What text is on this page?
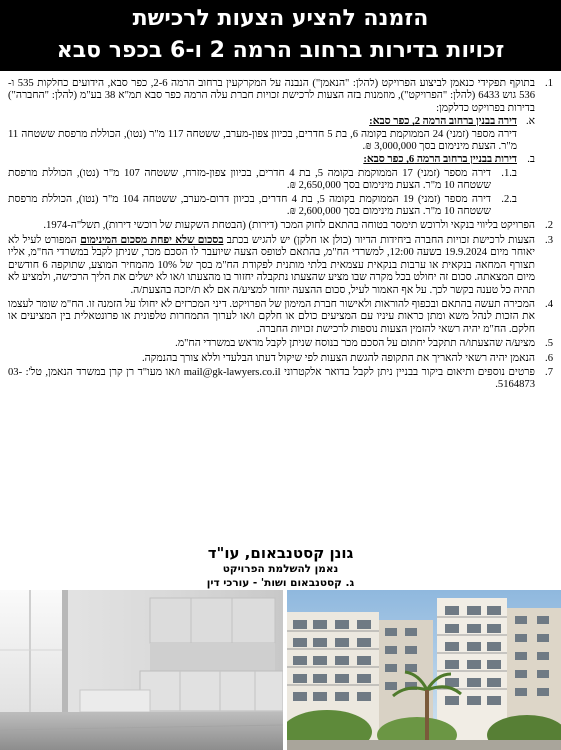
הזמנה להציע הצעות לרכישת
זכויות בדירות ברחוב הרמה 2 ו-6 בכפר סבא
1.
בתוקף תפקידי כנאמן לביצוע הפרויקט (להלן: "הנאמן") הנבנה על המקרקעין ברחוב הרמה 2-6, כפר סבא, הידועים כחלקות 535 ו- 536 גוש 6433 (להלן: "הפרויקט"), מוזמנות בזה הצעות לרכישת זכויות חברת עלה הרמה כפר סבא תמ"א 38 בע"מ (להלן: "החברה") בדירות בפרויקט כדלקמן:
א.
דירה בבנין ברחוב הרמה 2, כפר סבא:
דירה מספר (זמני) 24 הממוקמת בקומה 6, בת 5 חדרים, בכיוון צפון-מערב, ששטחה 117 מ"ר (נטו), הכוללת מרפסת ששטחה 11 מ"ר. הצעת מינימום בסך 3,000,000 ₪.
ב.
דירות בבניין ברחוב הרמה 6, כפר סבא:
ב.1.
דירה מספר (זמני) 17 הממוקמת בקומה 5, בת 4 חדרים, בכיוון צפון-מזרח, ששטחה 107 מ"ר (נטו), הכוללת מרפסת ששטחה 10 מ"ר. הצעת מינימום בסך 2,650,000 ₪.
ב.2.
דירה מספר (זמני) 19 הממוקמת בקומה 5, בת 4 חדרים, בכיוון דרום-מערב, ששטחה 104 מ"ר (נטו), הכוללת מרפסת ששטחה 10 מ"ר. הצעת מינימום בסך 2,600,000 ₪.
2.
הפרויקט בליווי בנקאי ולרוכש תימסר בטוחה בהתאם לחוק המכר (דירות) (הבטחת השקעות של רוכשי דירות), תשל"ה-1974.
3.
הצעות לרכישת זכויות החברה ביחידות הדיור (כולן או חלקן) יש להגיש בכתב בסכום שלא יפחת מסכום המינימום המפורט לעיל לא יאוחר מיום 19.9.2024 בשעה 12:00, למשרדי הח"מ, בהתאם לטופס הצעה שיועבר לו הסכם מכר, שניתן לקבל במשרדי הח"מ, אליו תצורף המחאה בנקאית או ערבות בנקאית עצמאית בלתי מותנית לפקודת הח"מ בסך של 10% מהמחיר המוצע, שתוקפה 6 חודשים מיום המצאתה. סכום זה יחולט בכל מקרה שבו מציע שהצעתו נתקבלה יחזור בו מהצעתו ו/או לא ישלים את הליך הרכישה, ולמציע לא תהיה כל טענה בקשר לכך. על אף האמור לעיל, סכום ההצעה יוחזר למציע/ה אם לא ת/יזכה בהצעת/ה.
4.
המכירה תעשה בהתאם ובכפוף להוראות ולאישור חברת המימון של הפרויקט. דיני המכרזים לא יחולו על הזמנה זו. הח"מ שומר לעצמו את הזכות לנהל משא ומתן כראות עיניו עם המציעים כולם או חלקם ו/או לערוך התמחרות טלפונית או פרונטאלית בין המציעים או חלקם. הח"מ יהיה רשאי להזמין הצעות נוספות לרכישת זכויות החברה.
5.
מציע/ה שהצעתו/ה תתקבל יחתום על הסכם מכר בנוסח שניתן לקבל מראש במשרדי הח"מ.
6.
הנאמן יהיה רשאי להאריך את התקופה להגשת הצעות לפי שיקול דעתו הבלעדי וללא צורך בהנמקה.
7.
פרטים נוספים ותיאום ביקור בבניין ניתן לקבל בדואר אלקטרוני mail@gk-lawyers.co.il ו/או מעו"ד רן קרן במשרד הנאמן, טל': 03-5164873.
גונן קסטנבאום, עו"ד
נאמן להשלמת הפרויקט
ג. קסטנבאום ושות' - עורכי דין
